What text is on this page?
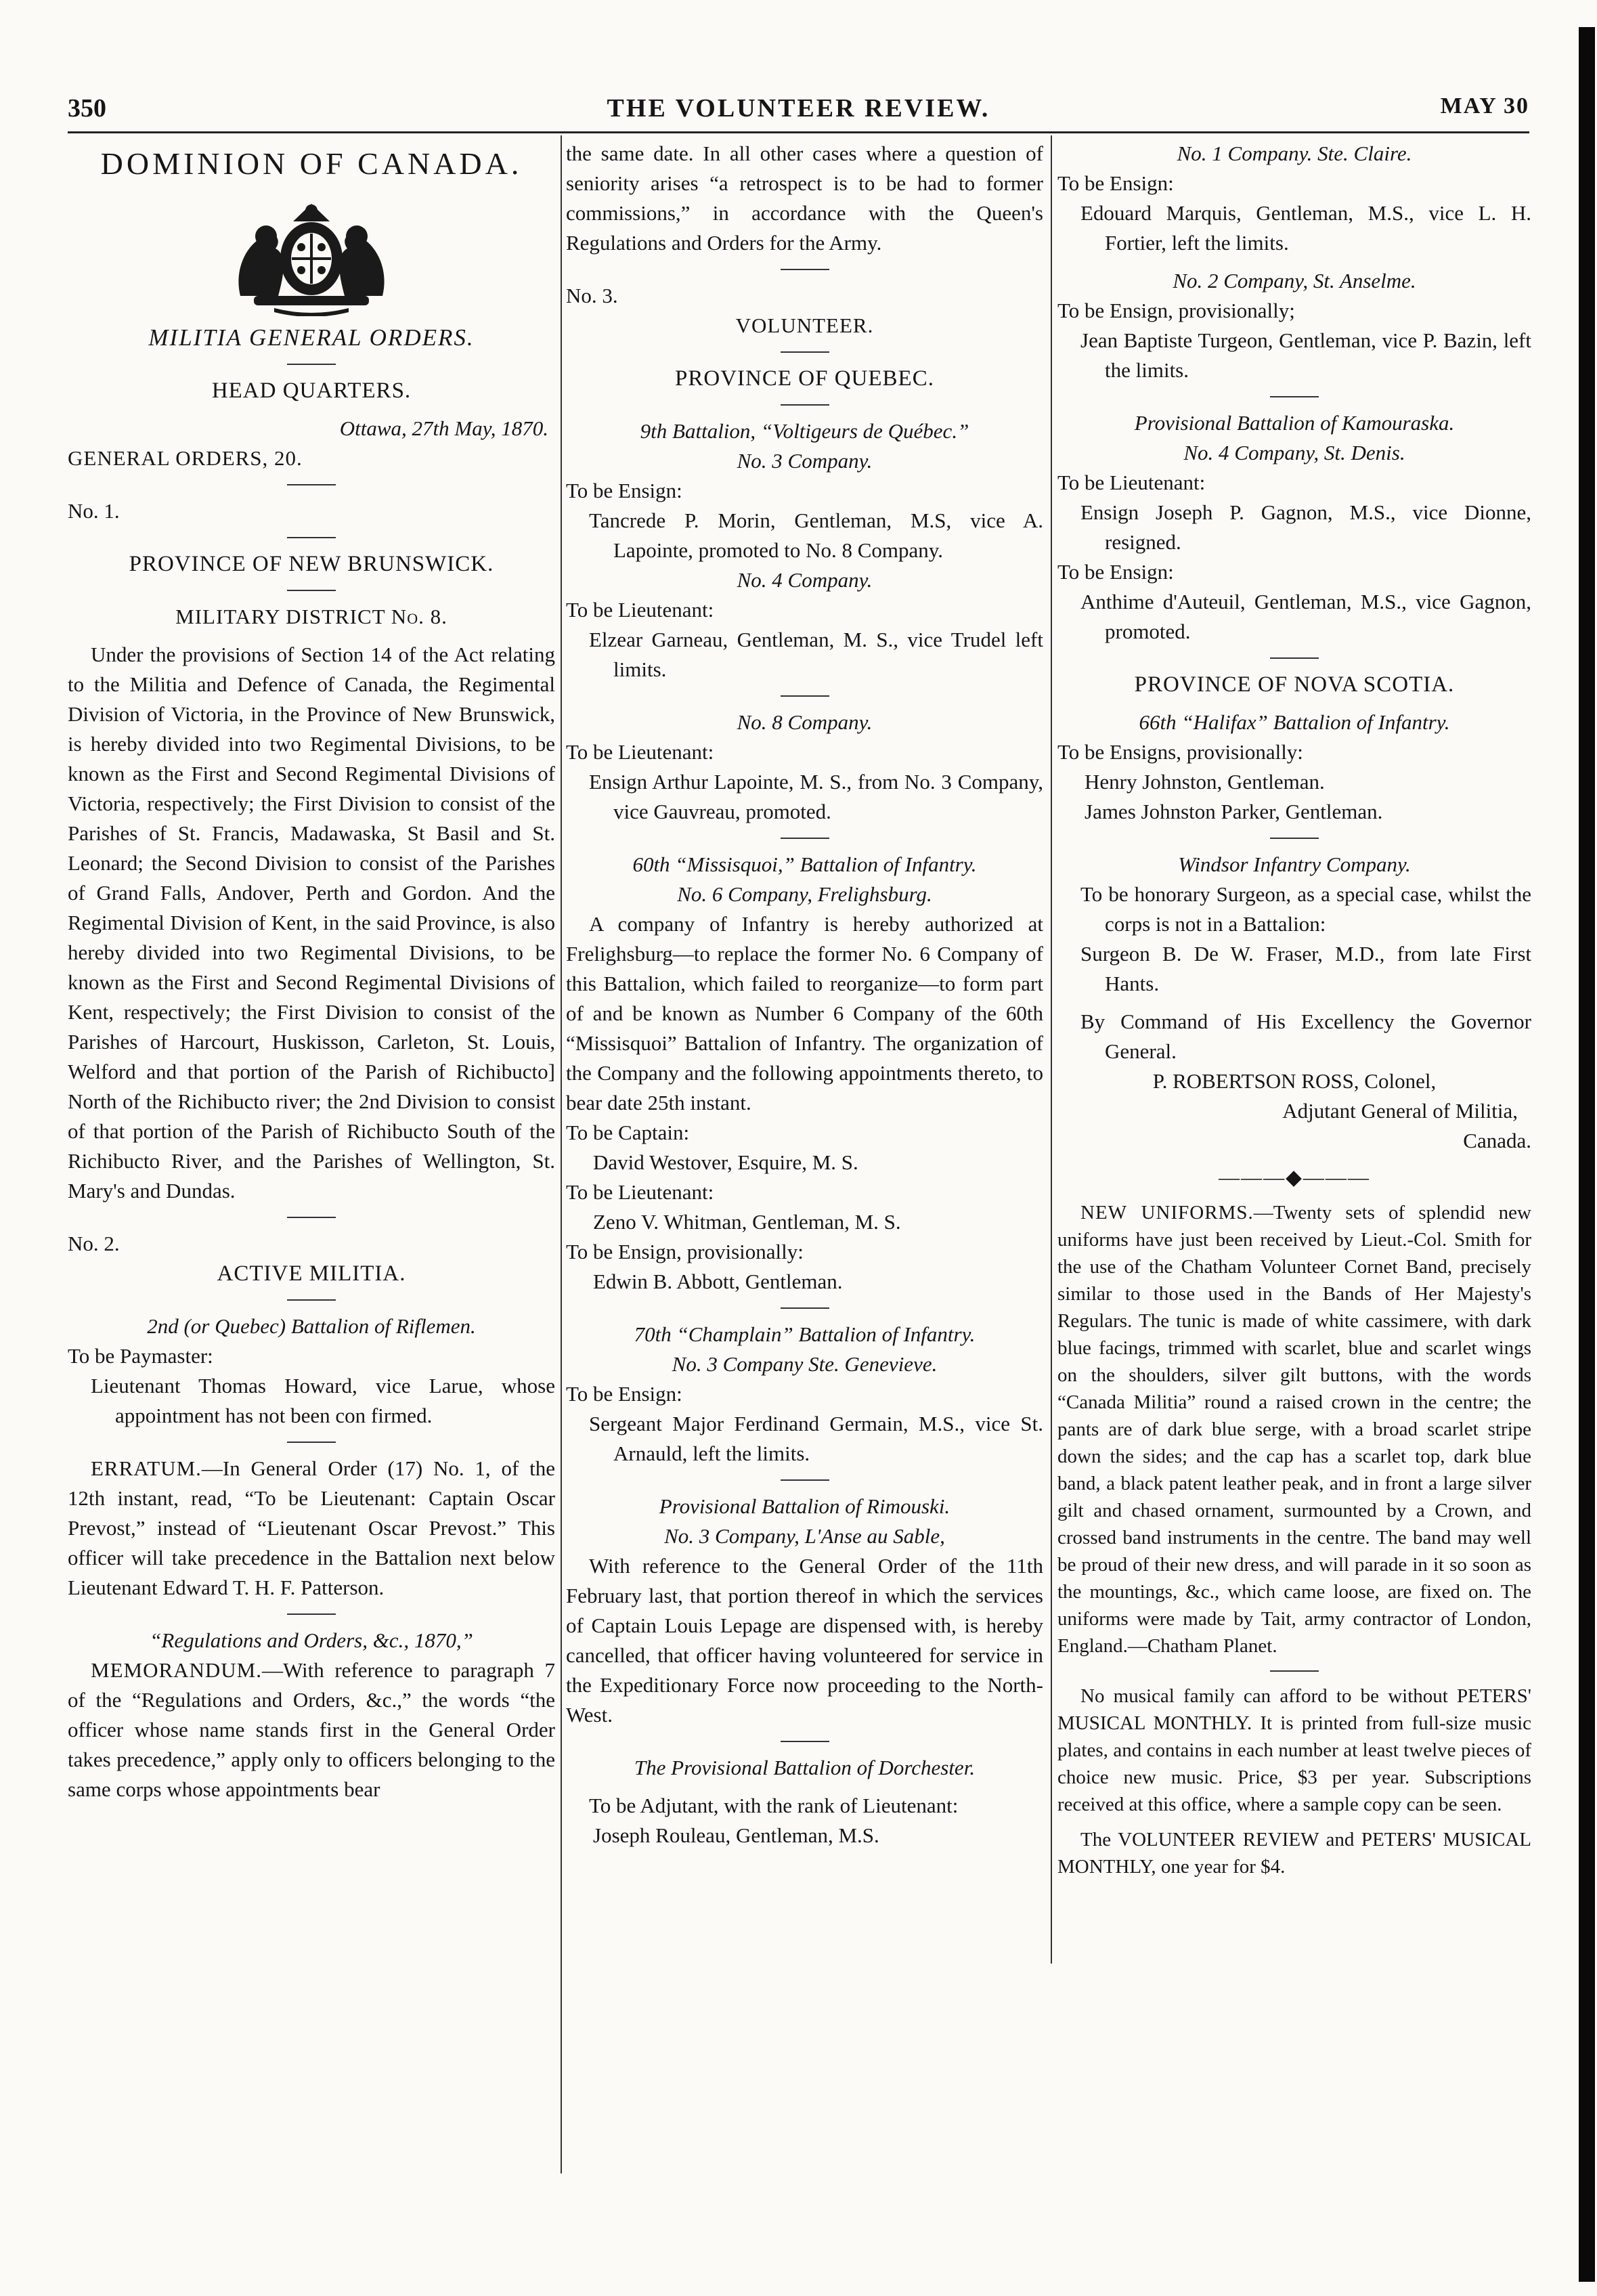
350	THE VOLUNTEER REVIEW.	MAY 30
DOMINION OF CANADA.
MILITIA GENERAL ORDERS.
HEAD QUARTERS.

Ottawa, 27th May, 1870.

GENERAL ORDERS, 20.

No. 1.

PROVINCE OF NEW BRUNSWICK.

MILITARY DISTRICT No. 8.

Under the provisions of Section 14 of the Act relating to the Militia and Defence of Canada, the Regimental Division of Victoria, in the Province of New Brunswick, is hereby divided into two Regimental Divisions, to be known as the First and Second Regimental Divisions of Victoria, respectively; the First Division to consist of the Parishes of St. Francis, Madawaska, St Basil and St. Leonard; the Second Division to consist of the Parishes of Grand Falls, Andover, Perth and Gordon. And the Regimental Division of Kent, in the said Province, is also hereby divided into two Regimental Divisions, to be known as the First and Second Regimental Divisions of Kent, respectively; the First Division to consist of the Parishes of Harcourt, Huskisson, Carleton, St. Louis, Welford and that portion of the Parish of Richibucto] North of the Richibucto river; the 2nd Division to consist of that portion of the Parish of Richibucto South of the Richibucto River, and the Parishes of Wellington, St. Mary's and Dundas.

No. 2.

ACTIVE MILITIA.

2nd (or Quebec) Battalion of Riflemen.

To be Paymaster:

Lieutenant Thomas Howard, vice Larue, whose appointment has not been con firmed.

ERRATUM.—In General Order (17) No. 1, of the 12th instant, read, “To be Lieutenant: Captain Oscar Prevost,” instead of “Lieutenant Oscar Prevost.” This officer will take precedence in the Battalion next below Lieutenant Edward T. H. F. Patterson.

“Regulations and Orders, &c., 1870,”

MEMORANDUM.—With reference to paragraph 7 of the “Regulations and Orders, &c.,” the words “the officer whose name stands first in the General Order takes precedence,” apply only to officers belonging to the same corps whose appointments bear

the same date. In all other cases where a question of seniority arises “a retrospect is to be had to former commissions,” in accordance with the Queen's Regulations and Orders for the Army.

No. 3.

VOLUNTEER.

PROVINCE OF QUEBEC.

9th Battalion, “Voltigeurs de Québec.”

No. 3 Company.

To be Ensign:

Tancrede P. Morin, Gentleman, M.S, vice A. Lapointe, promoted to No. 8 Company.

No. 4 Company.

To be Lieutenant:

Elzear Garneau, Gentleman, M. S., vice Trudel left limits.

No. 8 Company.

To be Lieutenant:

Ensign Arthur Lapointe, M. S., from No. 3 Company, vice Gauvreau, promoted.

60th “Missisquoi,” Battalion of Infantry.

No. 6 Company, Frelighsburg.

A company of Infantry is hereby authorized at Frelighsburg—to replace the former No. 6 Company of this Battalion, which failed to reorganize—to form part of and be known as Number 6 Company of the 60th “Missisquoi” Battalion of Infantry. The organization of the Company and the following appointments thereto, to bear date 25th instant.

To be Captain:

David Westover, Esquire, M. S.

To be Lieutenant:

Zeno V. Whitman, Gentleman, M. S.

To be Ensign, provisionally:

Edwin B. Abbott, Gentleman.

70th “Champlain” Battalion of Infantry.

No. 3 Company Ste. Genevieve.

To be Ensign:

Sergeant Major Ferdinand Germain, M.S., vice St. Arnauld, left the limits.

Provisional Battalion of Rimouski.

No. 3 Company, L'Anse au Sable,

With reference to the General Order of the 11th February last, that portion thereof in which the services of Captain Louis Lepage are dispensed with, is hereby cancelled, that officer having volunteered for service in the Expeditionary Force now proceeding to the North-West.

The Provisional Battalion of Dorchester.

To be Adjutant, with the rank of Lieutenant:

Joseph Rouleau, Gentleman, M.S.

No. 1 Company. Ste. Claire.

To be Ensign:

Edouard Marquis, Gentleman, M.S., vice L. H. Fortier, left the limits.

No. 2 Company, St. Anselme.

To be Ensign, provisionally;

Jean Baptiste Turgeon, Gentleman, vice P. Bazin, left the limits.

Provisional Battalion of Kamouraska.

No. 4 Company, St. Denis.

To be Lieutenant:

Ensign Joseph P. Gagnon, M.S., vice Dionne, resigned.

To be Ensign:

Anthime d'Auteuil, Gentleman, M.S., vice Gagnon, promoted.

PROVINCE OF NOVA SCOTIA.

66th “Halifax” Battalion of Infantry.

To be Ensigns, provisionally:

Henry Johnston, Gentleman.

James Johnston Parker, Gentleman.

Windsor Infantry Company.

To be honorary Surgeon, as a special case, whilst the corps is not in a Battalion:

Surgeon B. De W. Fraser, M.D., from late First Hants.

By Command of His Excellency the Governor General.

P. ROBERTSON ROSS, Colonel,

Adjutant General of Militia,

Canada.

———◆———

NEW UNIFORMS.—Twenty sets of splendid new uniforms have just been received by Lieut.-Col. Smith for the use of the Chatham Volunteer Cornet Band, precisely similar to those used in the Bands of Her Majesty's Regulars. The tunic is made of white cassimere, with dark blue facings, trimmed with scarlet, blue and scarlet wings on the shoulders, silver gilt buttons, with the words “Canada Militia” round a raised crown in the centre; the pants are of dark blue serge, with a broad scarlet stripe down the sides; and the cap has a scarlet top, dark blue band, a black patent leather peak, and in front a large silver gilt and chased ornament, surmounted by a Crown, and crossed band instruments in the centre. The band may well be proud of their new dress, and will parade in it so soon as the mountings, &c., which came loose, are fixed on. The uniforms were made by Tait, army contractor of London, England.—Chatham Planet.

No musical family can afford to be without PETERS' MUSICAL MONTHLY. It is printed from full-size music plates, and contains in each number at least twelve pieces of choice new music. Price, $3 per year. Subscriptions received at this office, where a sample copy can be seen.

The VOLUNTEER REVIEW and PETERS' MUSICAL MONTHLY, one year for $4.
